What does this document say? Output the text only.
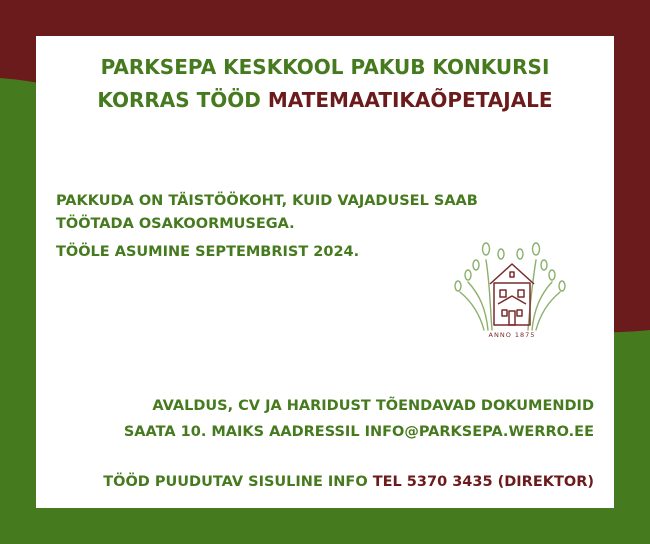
PARKSEPA KESKKOOL PAKUB KONKURSI
KORRAS TÖÖD MATEMAATIKAÕPETAJALE
PAKKUDA ON TÄISTÖÖKOHT, KUID VAJADUSEL SAAB
TÖÖTADA OSAKOORMUSEGA.
TÖÖLE ASUMINE SEPTEMBRIST 2024.
ANNO 1875
AVALDUS, CV JA HARIDUST TÕENDAVAD DOKUMENDID
SAATA 10. MAIKS AADRESSIL INFO@PARKSEPA.WERRO.EE
TÖÖD PUUDUTAV SISULINE INFO TEL 5370 3435 (DIREKTOR)
